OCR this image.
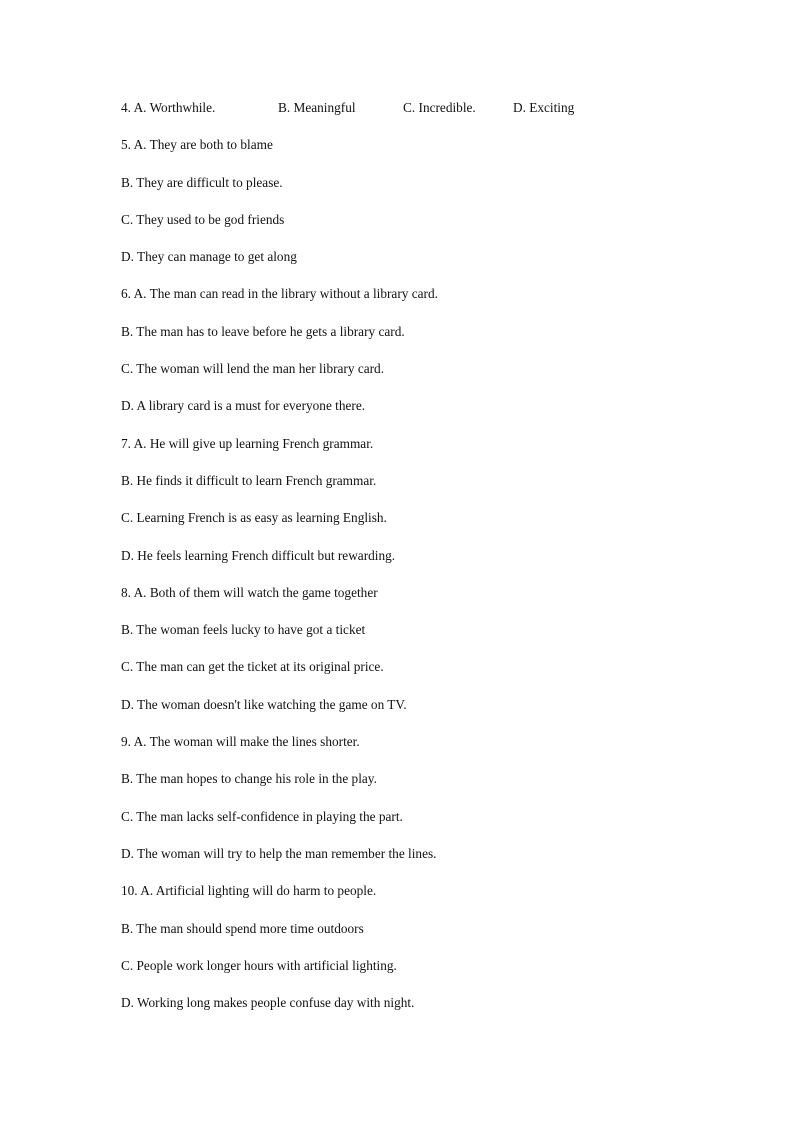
4. A. Worthwhile.	B. Meaningful	C. Incredible.	D. Exciting
5. A. They are both to blame
B. They are difficult to please.
C. They used to be god friends
D. They can manage to get along
6. A. The man can read in the library without a library card.
B. The man has to leave before he gets a library card.
C. The woman will lend the man her library card.
D. A library card is a must for everyone there.
7. A. He will give up learning French grammar.
B. He finds it difficult to learn French grammar.
C. Learning French is as easy as learning English.
D. He feels learning French difficult but rewarding.
8. A. Both of them will watch the game together
B. The woman feels lucky to have got a ticket
C. The man can get the ticket at its original price.
D. The woman doesn't like watching the game on TV.
9. A. The woman will make the lines shorter.
B. The man hopes to change his role in the play.
C. The man lacks self-confidence in playing the part.
D. The woman will try to help the man remember the lines.
10. A. Artificial lighting will do harm to people.
B. The man should spend more time outdoors
C. People work longer hours with artificial lighting.
D. Working long makes people confuse day with night.
